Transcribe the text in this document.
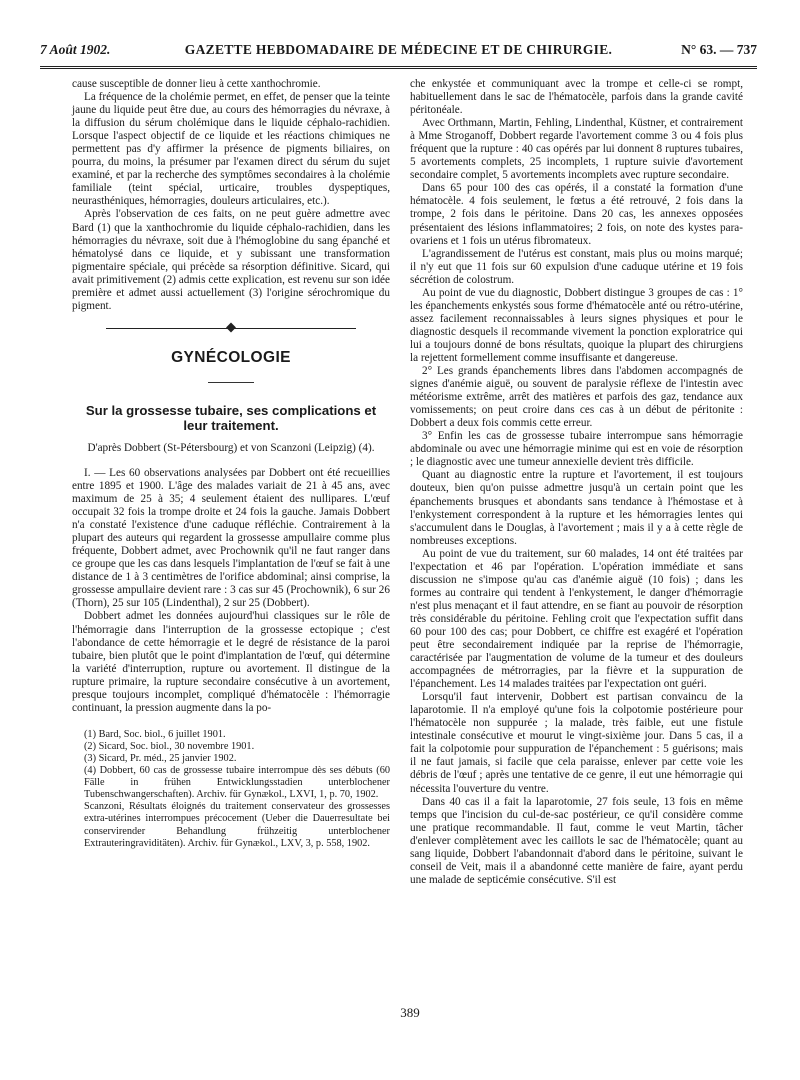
7 Août 1902.	GAZETTE HEBDOMADAIRE DE MÉDECINE ET DE CHIRURGIE.	N° 63. — 737

cause susceptible de donner lieu à cette xanthochromie.

La fréquence de la cholémie permet, en effet, de penser que la teinte jaune du liquide peut être due, au cours des hémorragies du névraxe, à la diffusion du sérum cholémique dans le liquide céphalo-rachidien. Lorsque l'aspect objectif de ce liquide et les réactions chimiques ne permettent pas d'y affirmer la présence de pigments biliaires, on pourra, du moins, la présumer par l'examen direct du sérum du sujet examiné, et par la recherche des symptômes secondaires à la cholémie familiale (teint spécial, urticaire, troubles dyspeptiques, neurasthéniques, hémorragies, douleurs articulaires, etc.).

Après l'observation de ces faits, on ne peut guère admettre avec Bard (1) que la xanthochromie du liquide céphalo-rachidien, dans les hémorragies du névraxe, soit due à l'hémoglobine du sang épanché et hématolysé dans ce liquide, et y subissant une transformation pigmentaire spéciale, qui précède sa résorption définitive. Sicard, qui avait primitivement (2) admis cette explication, est revenu sur son idée première et admet aussi actuellement (3) l'origine sérochromique du pigment.

GYNÉCOLOGIE
Sur la grossesse tubaire, ses complications et leur traitement.
D'après Dobbert (St-Pétersbourg) et von Scanzoni (Leipzig) (4).

I. — Les 60 observations analysées par Dobbert ont été recueillies entre 1895 et 1900. L'âge des malades variait de 21 à 45 ans, avec maximum de 25 à 35; 4 seulement étaient des nullipares. L'œuf occupait 32 fois la trompe droite et 24 fois la gauche. Jamais Dobbert n'a constaté l'existence d'une caduque réfléchie. Contrairement à la plupart des auteurs qui regardent la grossesse ampullaire comme plus fréquente, Dobbert admet, avec Prochownik qu'il ne faut ranger dans ce groupe que les cas dans lesquels l'implantation de l'œuf se fait à une distance de 1 à 3 centimètres de l'orifice abdominal; ainsi comprise, la grossesse ampullaire devient rare : 3 cas sur 45 (Prochownik), 6 sur 26 (Thorn), 25 sur 105 (Lindenthal), 2 sur 25 (Dobbert).

Dobbert admet les données aujourd'hui classiques sur le rôle de l'hémorragie dans l'interruption de la grossesse ectopique ; c'est l'abondance de cette hémorragie et le degré de résistance de la paroi tubaire, bien plutôt que le point d'implantation de l'œuf, qui détermine la variété d'interruption, rupture ou avortement. Il distingue de la rupture primaire, la rupture secondaire consécutive à un avortement, presque toujours incomplet, compliqué d'hématocèle : l'hémorragie continuant, la pression augmente dans la po-

(1) Bard, Soc. biol., 6 juillet 1901.

(2) Sicard, Soc. biol., 30 novembre 1901.

(3) Sicard, Pr. méd., 25 janvier 1902.

(4) Dobbert, 60 cas de grossesse tubaire interrompue dès ses débuts (60 Fälle in frühen Entwicklungsstadien unterblochener Tubenschwangerschaften). Archiv. für Gynækol., LXVI, 1, p. 70, 1902.

Scanzoni, Résultats éloignés du traitement conservateur des grossesses extra-utérines interrompues précocement (Ueber die Dauerresultate bei conservirender Behandlung frühzeitig unterblochener Extrauteringraviditäten). Archiv. für Gynækol., LXV, 3, p. 558, 1902.

che enkystée et communiquant avec la trompe et celle-ci se rompt, habituellement dans le sac de l'hématocèle, parfois dans la grande cavité péritonéale.

Avec Orthmann, Martin, Fehling, Lindenthal, Küstner, et contrairement à Mme Stroganoff, Dobbert regarde l'avortement comme 3 ou 4 fois plus fréquent que la rupture : 40 cas opérés par lui donnent 8 ruptures tubaires, 5 avortements complets, 25 incomplets, 1 rupture suivie d'avortement secondaire complet, 5 avortements incomplets avec rupture secondaire.

Dans 65 pour 100 des cas opérés, il a constaté la formation d'une hématocèle. 4 fois seulement, le fœtus a été retrouvé, 2 fois dans la trompe, 2 fois dans le péritoine. Dans 20 cas, les annexes opposées présentaient des lésions inflammatoires; 2 fois, on note des kystes para-ovariens et 1 fois un utérus fibromateux.

L'agrandissement de l'utérus est constant, mais plus ou moins marqué; il n'y eut que 11 fois sur 60 expulsion d'une caduque utérine et 19 fois sécrétion de colostrum.

Au point de vue du diagnostic, Dobbert distingue 3 groupes de cas : 1° les épanchements enkystés sous forme d'hématocèle anté ou rétro-utérine, assez facilement reconnaissables à leurs signes physiques et pour le diagnostic desquels il recommande vivement la ponction exploratrice qui lui a toujours donné de bons résultats, quoique la plupart des chirurgiens la rejettent formellement comme insuffisante et dangereuse.

2° Les grands épanchements libres dans l'abdomen accompagnés de signes d'anémie aiguë, ou souvent de paralysie réflexe de l'intestin avec météorisme extrême, arrêt des matières et parfois des gaz, tendance aux vomissements; on peut croire dans ces cas à un début de péritonite : Dobbert a deux fois commis cette erreur.

3° Enfin les cas de grossesse tubaire interrompue sans hémorragie abdominale ou avec une hémorragie minime qui est en voie de résorption ; le diagnostic avec une tumeur annexielle devient très difficile.

Quant au diagnostic entre la rupture et l'avortement, il est toujours douteux, bien qu'on puisse admettre jusqu'à un certain point que les épanchements brusques et abondants sans tendance à l'hémostase et à l'enkystement correspondent à la rupture et les hémorragies lentes qui s'accumulent dans le Douglas, à l'avortement ; mais il y a à cette règle de nombreuses exceptions.

Au point de vue du traitement, sur 60 malades, 14 ont été traitées par l'expectation et 46 par l'opération. L'opération immédiate et sans discussion ne s'impose qu'au cas d'anémie aiguë (10 fois) ; dans les formes au contraire qui tendent à l'enkystement, le danger d'hémorragie n'est plus menaçant et il faut attendre, en se fiant au pouvoir de résorption très considérable du péritoine. Fehling croit que l'expectation suffit dans 60 pour 100 des cas; pour Dobbert, ce chiffre est exagéré et l'opération peut être secondairement indiquée par la reprise de l'hémorragie, caractérisée par l'augmentation de volume de la tumeur et des douleurs accompagnées de métrorragies, par la fièvre et la suppuration de l'épanchement. Les 14 malades traitées par l'expectation ont guéri.

Lorsqu'il faut intervenir, Dobbert est partisan convaincu de la laparotomie. Il n'a employé qu'une fois la colpotomie postérieure pour l'hématocèle non suppurée ; la malade, très faible, eut une fistule intestinale consécutive et mourut le vingt-sixième jour. Dans 5 cas, il a fait la colpotomie pour suppuration de l'épanchement : 5 guérisons; mais il ne faut jamais, si facile que cela paraisse, enlever par cette voie les débris de l'œuf ; après une tentative de ce genre, il eut une hémorragie qui nécessita l'ouverture du ventre.

Dans 40 cas il a fait la laparotomie, 27 fois seule, 13 fois en même temps que l'incision du cul-de-sac postérieur, ce qu'il considère comme une pratique recommandable. Il faut, comme le veut Martin, tâcher d'enlever complètement avec les caillots le sac de l'hématocèle; quant au sang liquide, Dobbert l'abandonnait d'abord dans le péritoine, suivant le conseil de Veit, mais il a abandonné cette manière de faire, ayant perdu une malade de septicémie consécutive. S'il est

389
